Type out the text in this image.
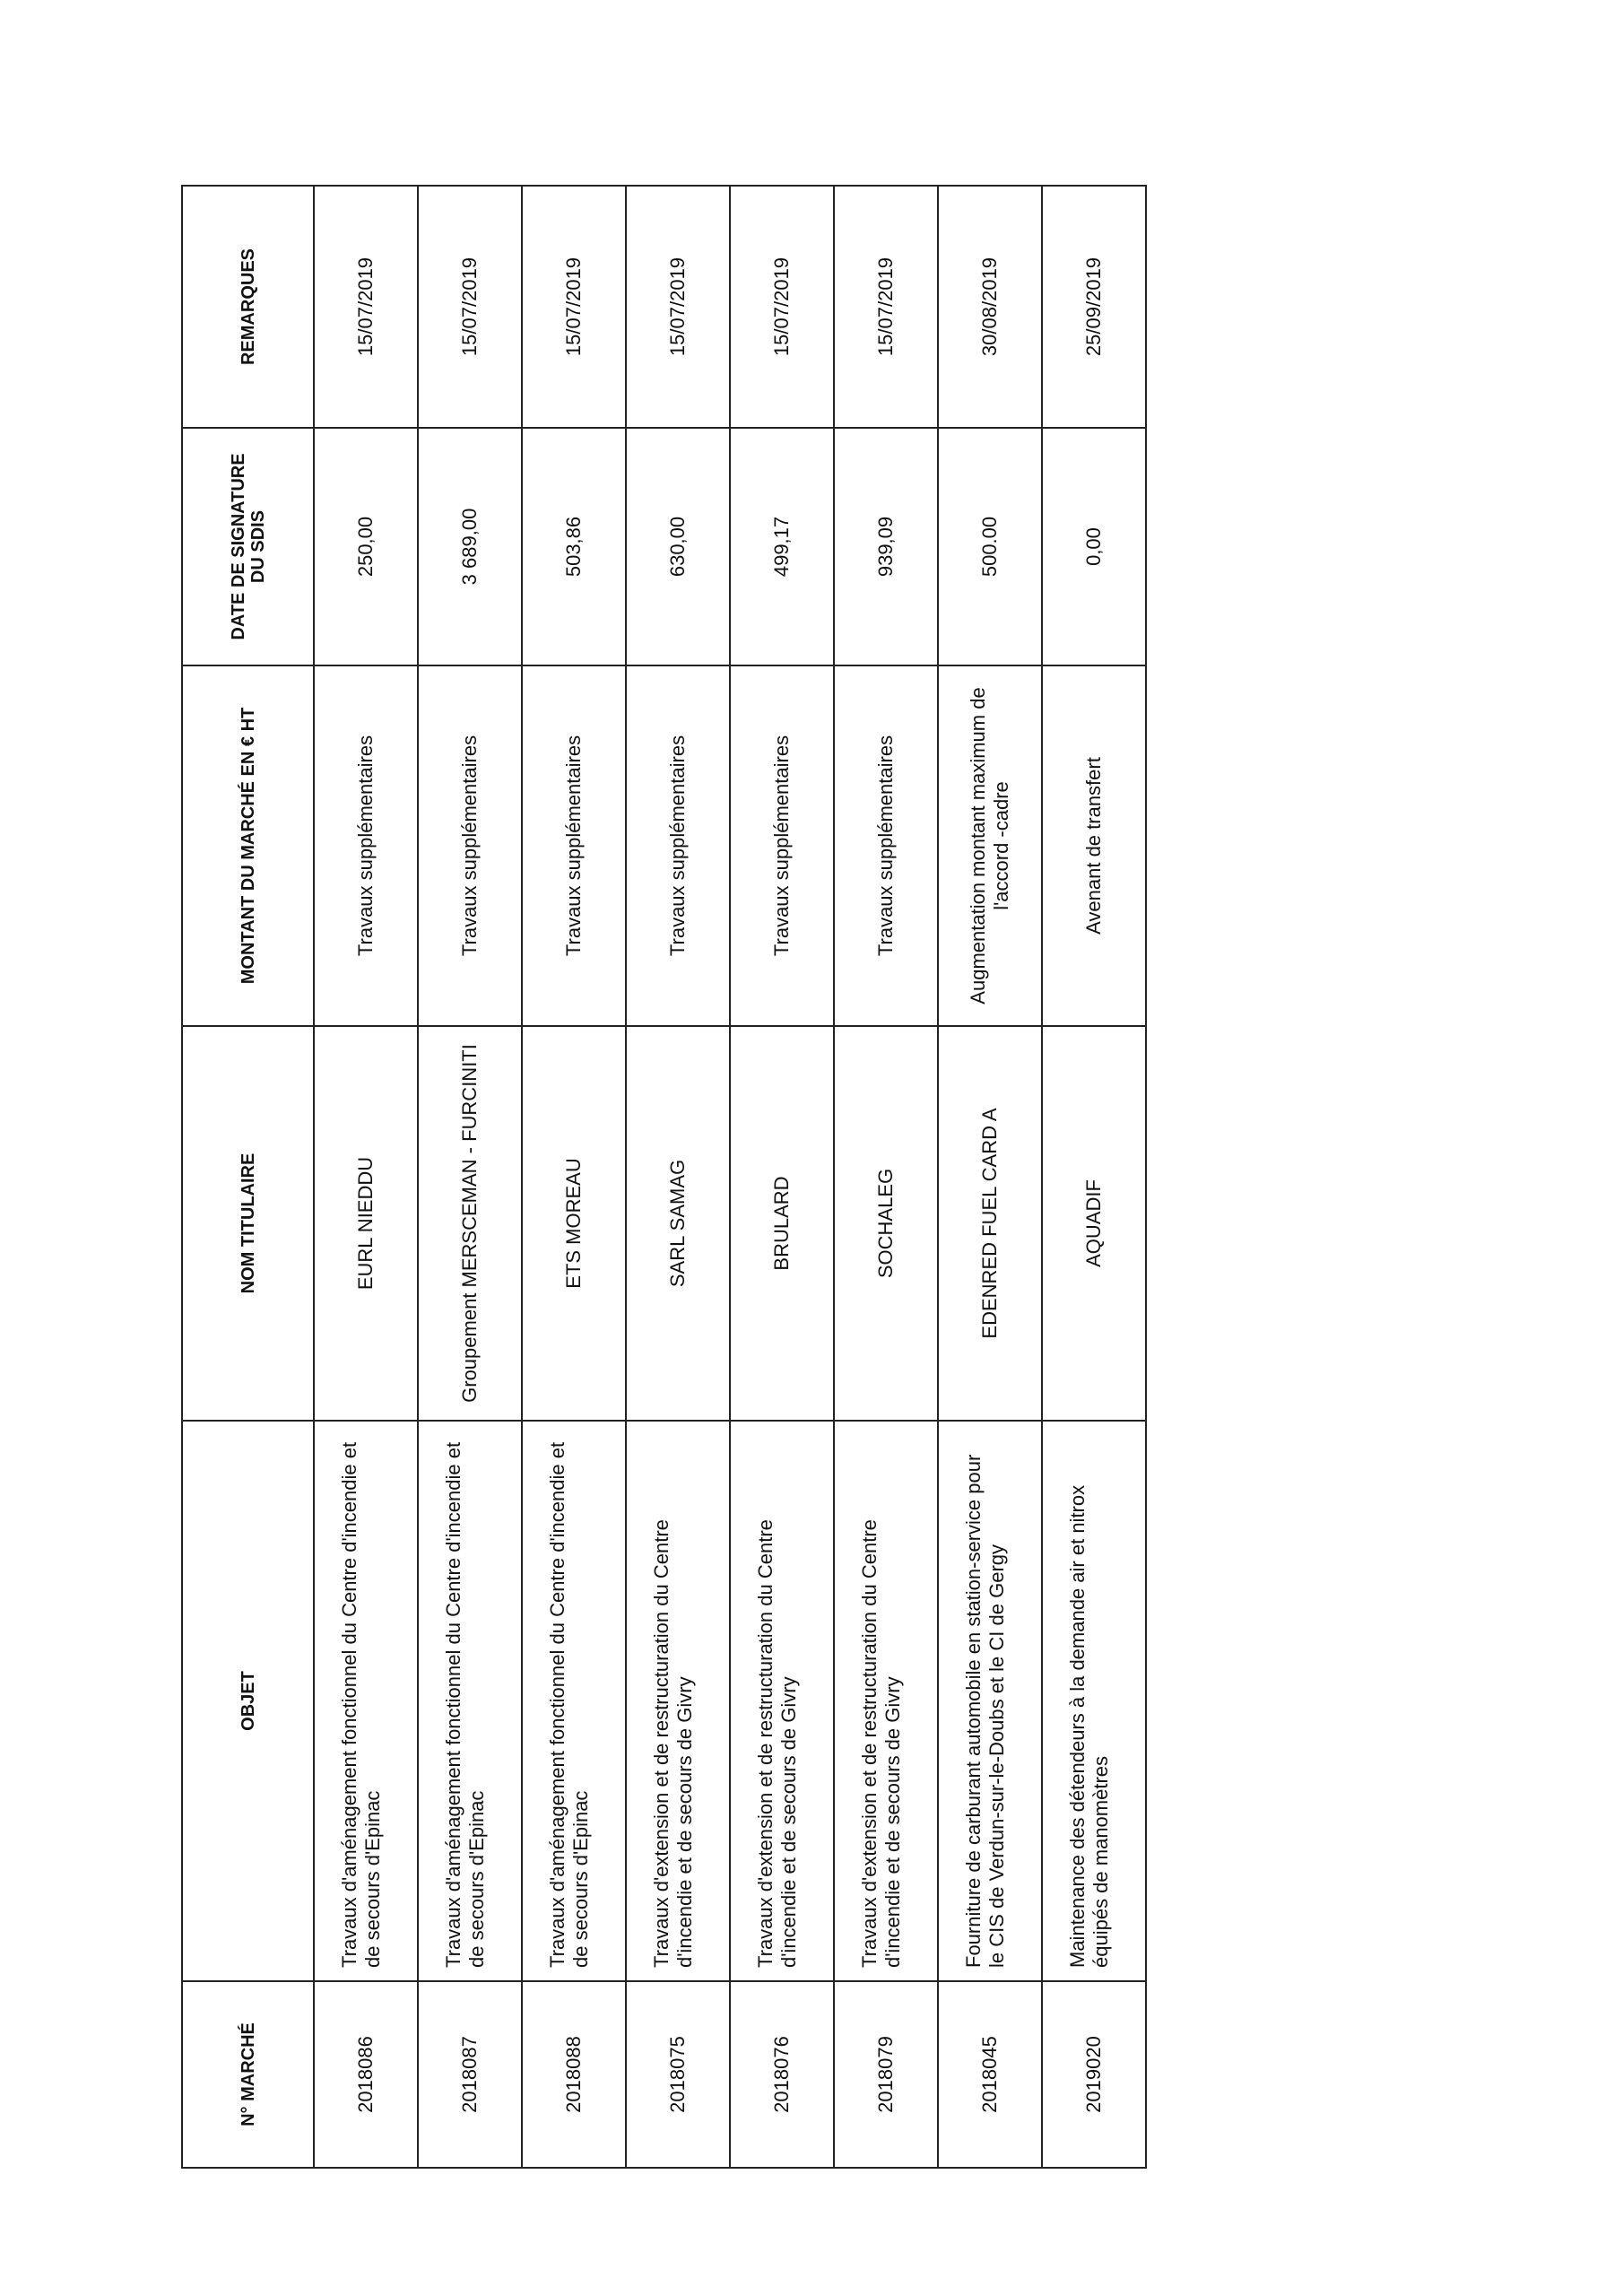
N° MARCHÉ	OBJET	NOM TITULAIRE	MONTANT DU MARCHÉ EN € HT	DATE DE SIGNATURE DU SDIS	REMARQUES
2018086	Travaux d'aménagement fonctionnel du Centre d'incendie et de secours d'Epinac	EURL NIEDDU	Travaux supplémentaires	250,00	15/07/2019
2018087	Travaux d'aménagement fonctionnel du Centre d'incendie et de secours d'Epinac	Groupement MERSCEMAN - FURCINITI	Travaux supplémentaires	3 689,00	15/07/2019
2018088	Travaux d'aménagement fonctionnel du Centre d'incendie et de secours d'Epinac	ETS MOREAU	Travaux supplémentaires	503,86	15/07/2019
2018075	Travaux d'extension et de restructuration du Centre d'incendie et de secours de Givry	SARL SAMAG	Travaux supplémentaires	630,00	15/07/2019
2018076	Travaux d'extension et de restructuration du Centre d'incendie et de secours de Givry	BRULARD	Travaux supplémentaires	499,17	15/07/2019
2018079	Travaux d'extension et de restructuration du Centre d'incendie et de secours de Givry	SOCHALEG	Travaux supplémentaires	939,09	15/07/2019
2018045	Fourniture de carburant automobile en station-service pour le CIS de Verdun-sur-le-Doubs et le CI de Gergy	EDENRED FUEL CARD A	Augmentation montant maximum de l'accord -cadre	500.00	30/08/2019
2019020	Maintenance des détendeurs à la demande air et nitrox équipés de manomètres	AQUADIF	Avenant de transfert	0,00	25/09/2019
